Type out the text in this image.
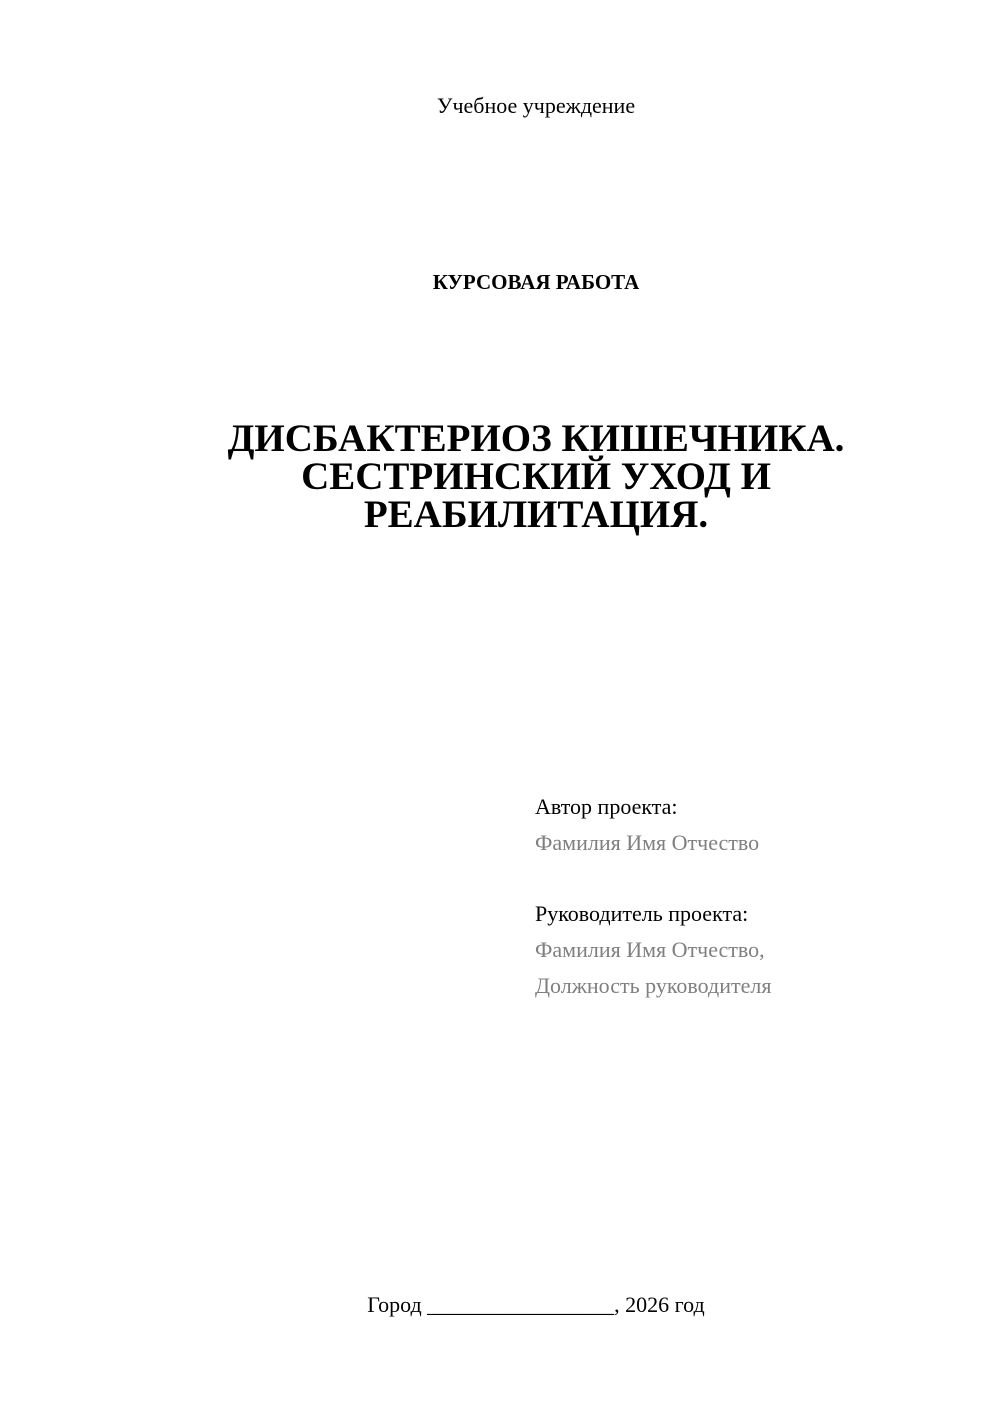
Учебное учреждение
КУРСОВАЯ РАБОТА
ДИСБАКТЕРИОЗ КИШЕЧНИКА.
СЕСТРИНСКИЙ УХОД И
РЕАБИЛИТАЦИЯ.
Автор проекта:
Фамилия Имя Отчество
Руководитель проекта:
Фамилия Имя Отчество,
Должность руководителя
Город _________________, 2026 год
